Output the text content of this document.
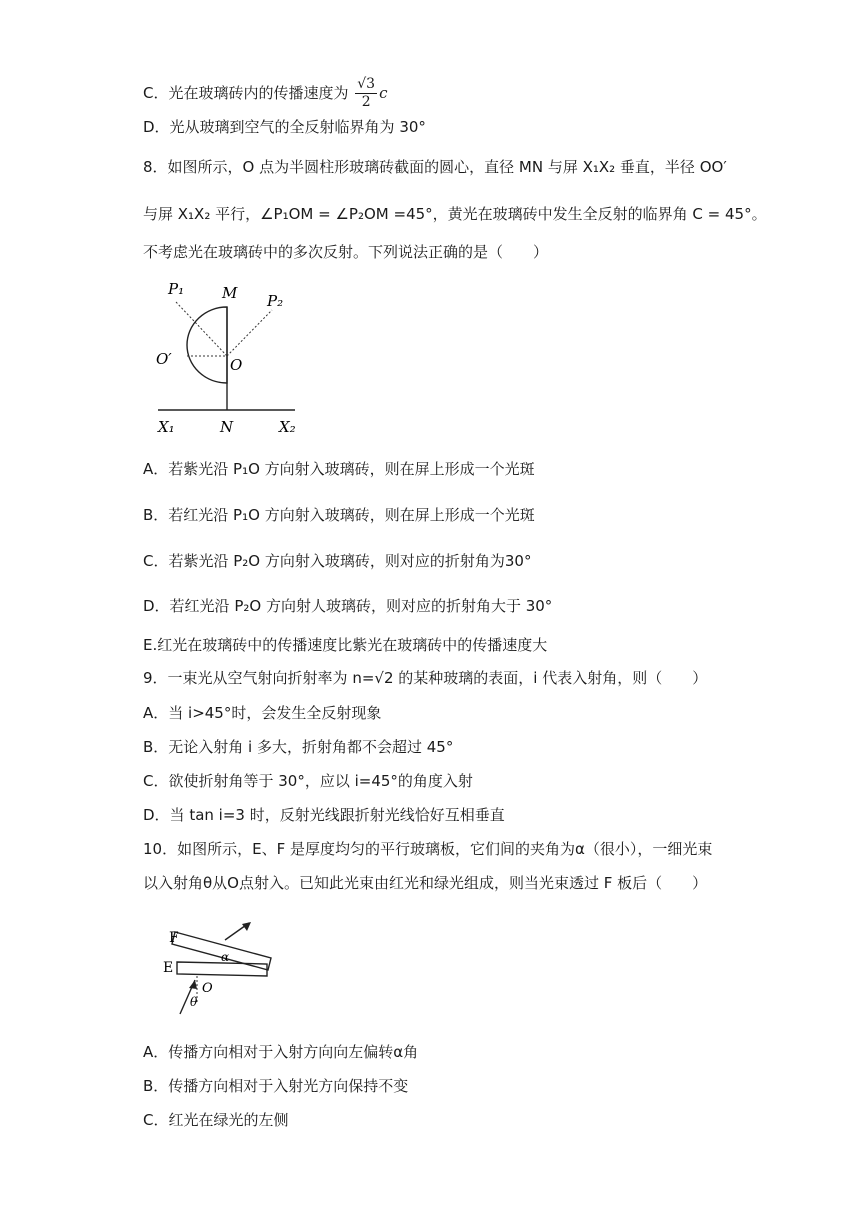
C．光在玻璃砖内的传播速度为 $\frac{√3}{2}$ c
D．光从玻璃到空气的全反射临界角为 30°
8．如图所示，O 点为半圆柱形玻璃砖截面的圆心，直径 MN 与屏 X₁X₂ 垂直，半径 OO′
与屏 X₁X₂ 平行，∠P₁OM = ∠P₂OM =45°，黄光在玻璃砖中发生全反射的临界角 C = 45°。
不考虑光在玻璃砖中的多次反射。下列说法正确的是（　　）
P₁	M P₂
O′	O
X₁	N	X₂
A．若紫光沿 P₁O 方向射入玻璃砖，则在屏上形成一个光斑
B．若红光沿 P₁O 方向射入玻璃砖，则在屏上形成一个光斑
C．若紫光沿 P₂O 方向射入玻璃砖，则对应的折射角为30°
D．若红光沿 P₂O 方向射人玻璃砖，则对应的折射角大于 30°
E.红光在玻璃砖中的传播速度比紫光在玻璃砖中的传播速度大
9．一束光从空气射向折射率为 n=√2 的某种玻璃的表面，i 代表入射角，则（　　）
A．当 i>45°时，会发生全反射现象
B．无论入射角 i 多大，折射角都不会超过 45°
C．欲使折射角等于 30°，应以 i=45°的角度入射
D．当 tan i=3 时，反射光线跟折射光线恰好互相垂直
10．如图所示，E、F 是厚度均匀的平行玻璃板，它们间的夹角为α（很小），一细光束
以入射角θ从O点射入。已知此光束由红光和绿光组成，则当光束透过 F 板后（　　）
F
E
α
O
θ
A．传播方向相对于入射方向向左偏转α角
B．传播方向相对于入射光方向保持不变
C．红光在绿光的左侧
